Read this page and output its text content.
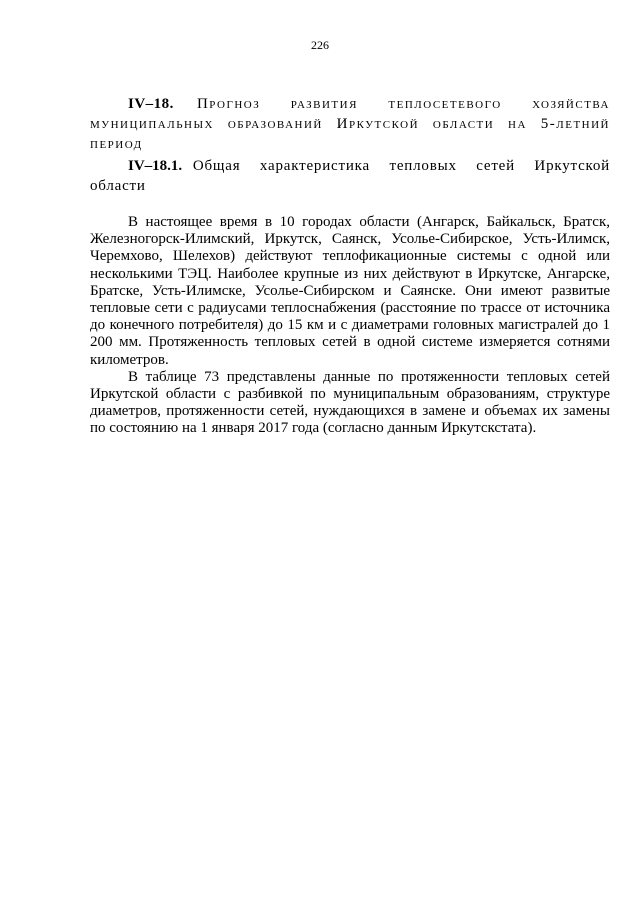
226

IV–18. Прогноз развития теплосетевого хозяйства муниципальных образований Иркутской области на 5-летний период

IV–18.1. Общая характеристика тепловых сетей Иркутской области

В настоящее время в 10 городах области (Ангарск, Байкальск, Братск, Железногорск-Илимский, Иркутск, Саянск, Усолье-Сибирское, Усть-Илимск, Черемхово, Шелехов) действуют теплофикационные системы с одной или несколькими ТЭЦ. Наиболее крупные из них действуют в Иркутске, Ангарске, Братске, Усть-Илимске, Усолье-Сибирском и Саянске. Они имеют развитые тепловые сети с радиусами теплоснабжения (расстояние по трассе от источника до конечного потребителя) до 15 км и с диаметрами головных магистралей до 1 200 мм. Протяженность тепловых сетей в одной системе измеряется сотнями километров.

В таблице 73 представлены данные по протяженности тепловых сетей Иркутской области с разбивкой по муниципальным образованиям, структуре диаметров, протяженности сетей, нуждающихся в замене и объемах их замены по состоянию на 1 января 2017 года (согласно данным Иркутскстата).
